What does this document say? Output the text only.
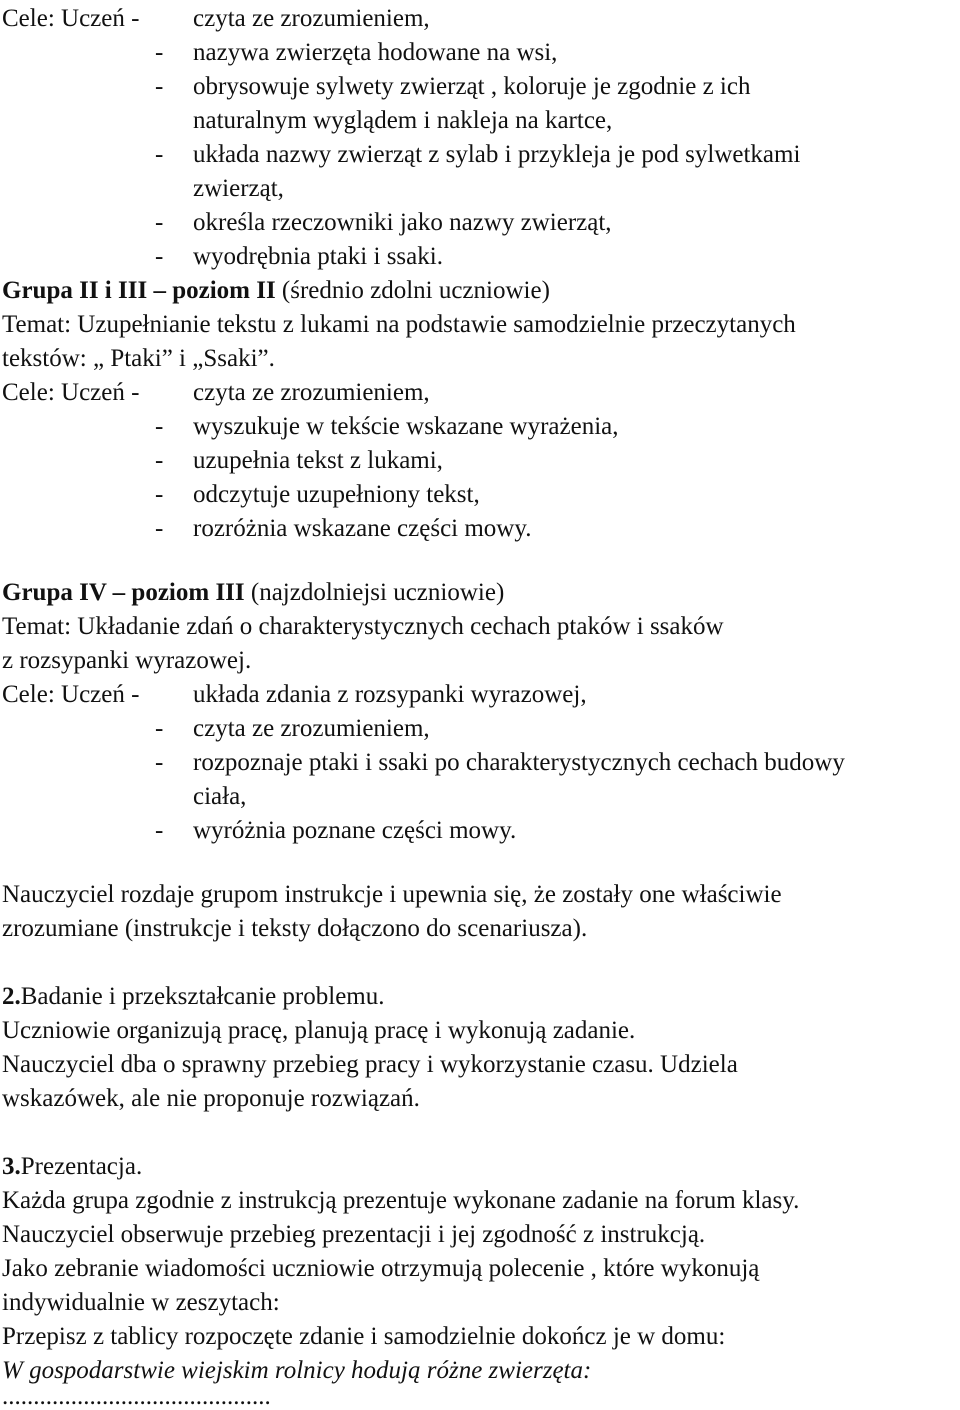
Cele: Uczeń - czyta ze zrozumieniem,
- nazywa zwierzęta hodowane na wsi,
- obrysowuje sylwety zwierząt , koloruje je zgodnie z ich
naturalnym wyglądem i nakleja na kartce,
- układa nazwy zwierząt z sylab i przykleja je pod sylwetkami
zwierząt,
- określa rzeczowniki jako nazwy zwierząt,
- wyodrębnia ptaki i ssaki.
Grupa II i III – poziom II (średnio zdolni uczniowie)
Temat: Uzupełnianie tekstu z lukami na podstawie samodzielnie przeczytanych
tekstów: „ Ptaki” i „Ssaki”.
Cele: Uczeń - czyta ze zrozumieniem,
- wyszukuje w tekście wskazane wyrażenia,
- uzupełnia tekst z lukami,
- odczytuje uzupełniony tekst,
- rozróżnia wskazane części mowy.
Grupa IV – poziom III (najzdolniejsi uczniowie)
Temat: Układanie zdań o charakterystycznych cechach ptaków i ssaków
z rozsypanki wyrazowej.
Cele: Uczeń - układa zdania z rozsypanki wyrazowej,
- czyta ze zrozumieniem,
- rozpoznaje ptaki i ssaki po charakterystycznych cechach budowy
ciała,
- wyróżnia poznane części mowy.
Nauczyciel rozdaje grupom instrukcje i upewnia się, że zostały one właściwie
zrozumiane (instrukcje i teksty dołączono do scenariusza).
2.Badanie i przekształcanie problemu.
Uczniowie organizują pracę, planują pracę i wykonują zadanie.
Nauczyciel dba o sprawny przebieg pracy i wykorzystanie czasu. Udziela
wskazówek, ale nie proponuje rozwiązań.
3.Prezentacja.
Każda grupa zgodnie z instrukcją prezentuje wykonane zadanie na forum klasy.
Nauczyciel obserwuje przebieg prezentacji i jej zgodność z instrukcją.
Jako zebranie wiadomości uczniowie otrzymują polecenie , które wykonują
indywidualnie w zeszytach:
Przepisz z tablicy rozpoczęte zdanie i samodzielnie dokończ je w domu:
W gospodarstwie wiejskim rolnicy hodują różne zwierzęta:
...........................................
